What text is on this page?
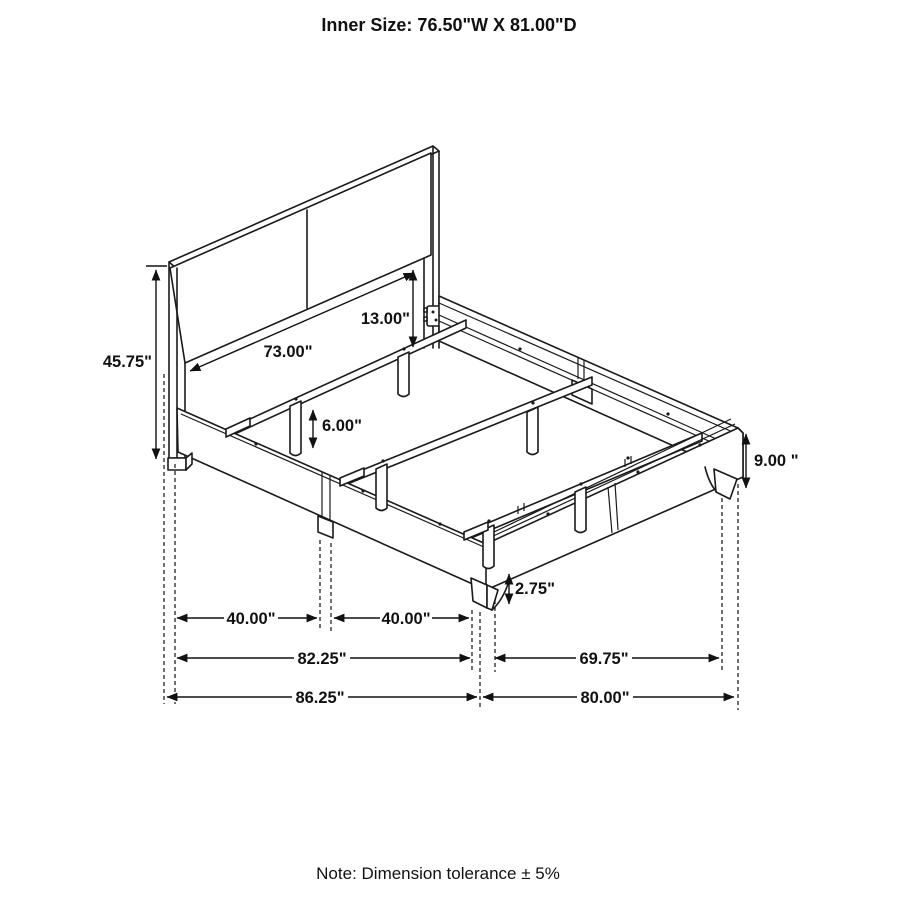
45.75"
73.00"
13.00"
6.00"
9.00 "
2.75"
40.00"	40.00"
82.25"	69.75"
86.25"	80.00"
Inner Size: 76.50"W X 81.00"D
Note: Dimension tolerance ± 5%
